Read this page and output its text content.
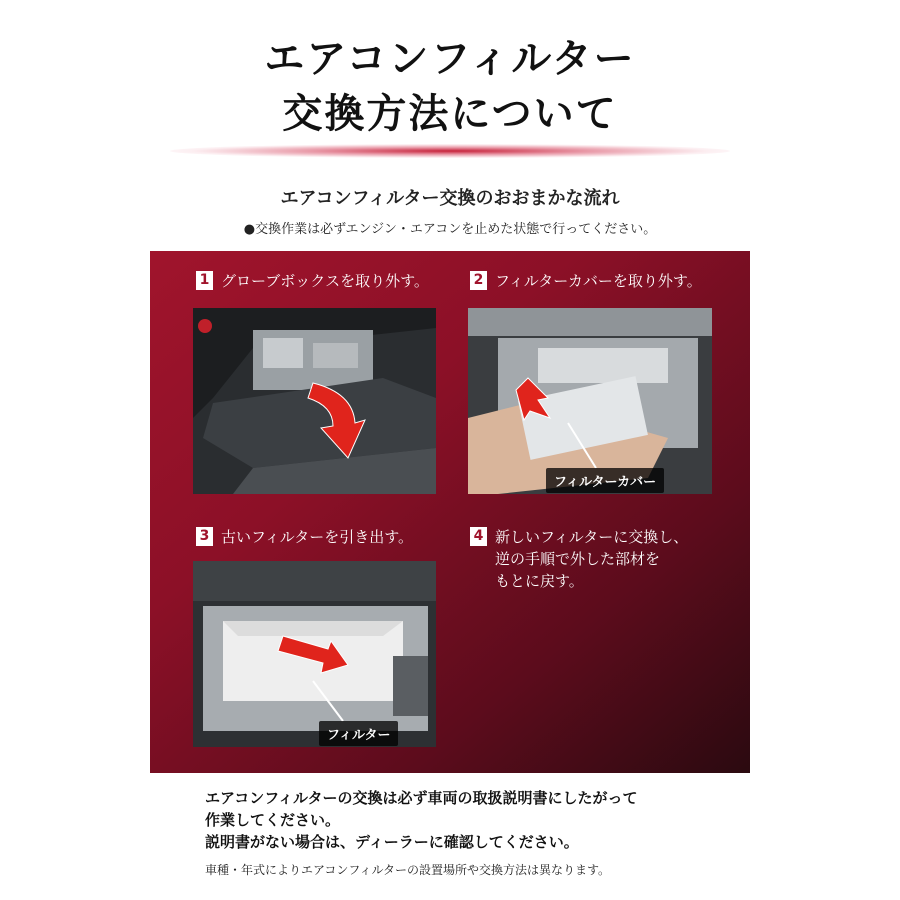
エアコンフィルター
交換方法について
エアコンフィルター交換のおおまかな流れ
●交換作業は必ずエンジン・エアコンを止めた状態で行ってください。
1 グローブボックスを取り外す。	2 フィルターカバーを取り外す。
フィルターカバー
3 古いフィルターを引き出す。
フィルター
4 新しいフィルターに交換し、
逆の手順で外した部材を
もとに戻す。
エアコンフィルターの交換は必ず車両の取扱説明書にしたがって
作業してください。
説明書がない場合は、ディーラーに確認してください。
車種・年式によりエアコンフィルターの設置場所や交換方法は異なります。
